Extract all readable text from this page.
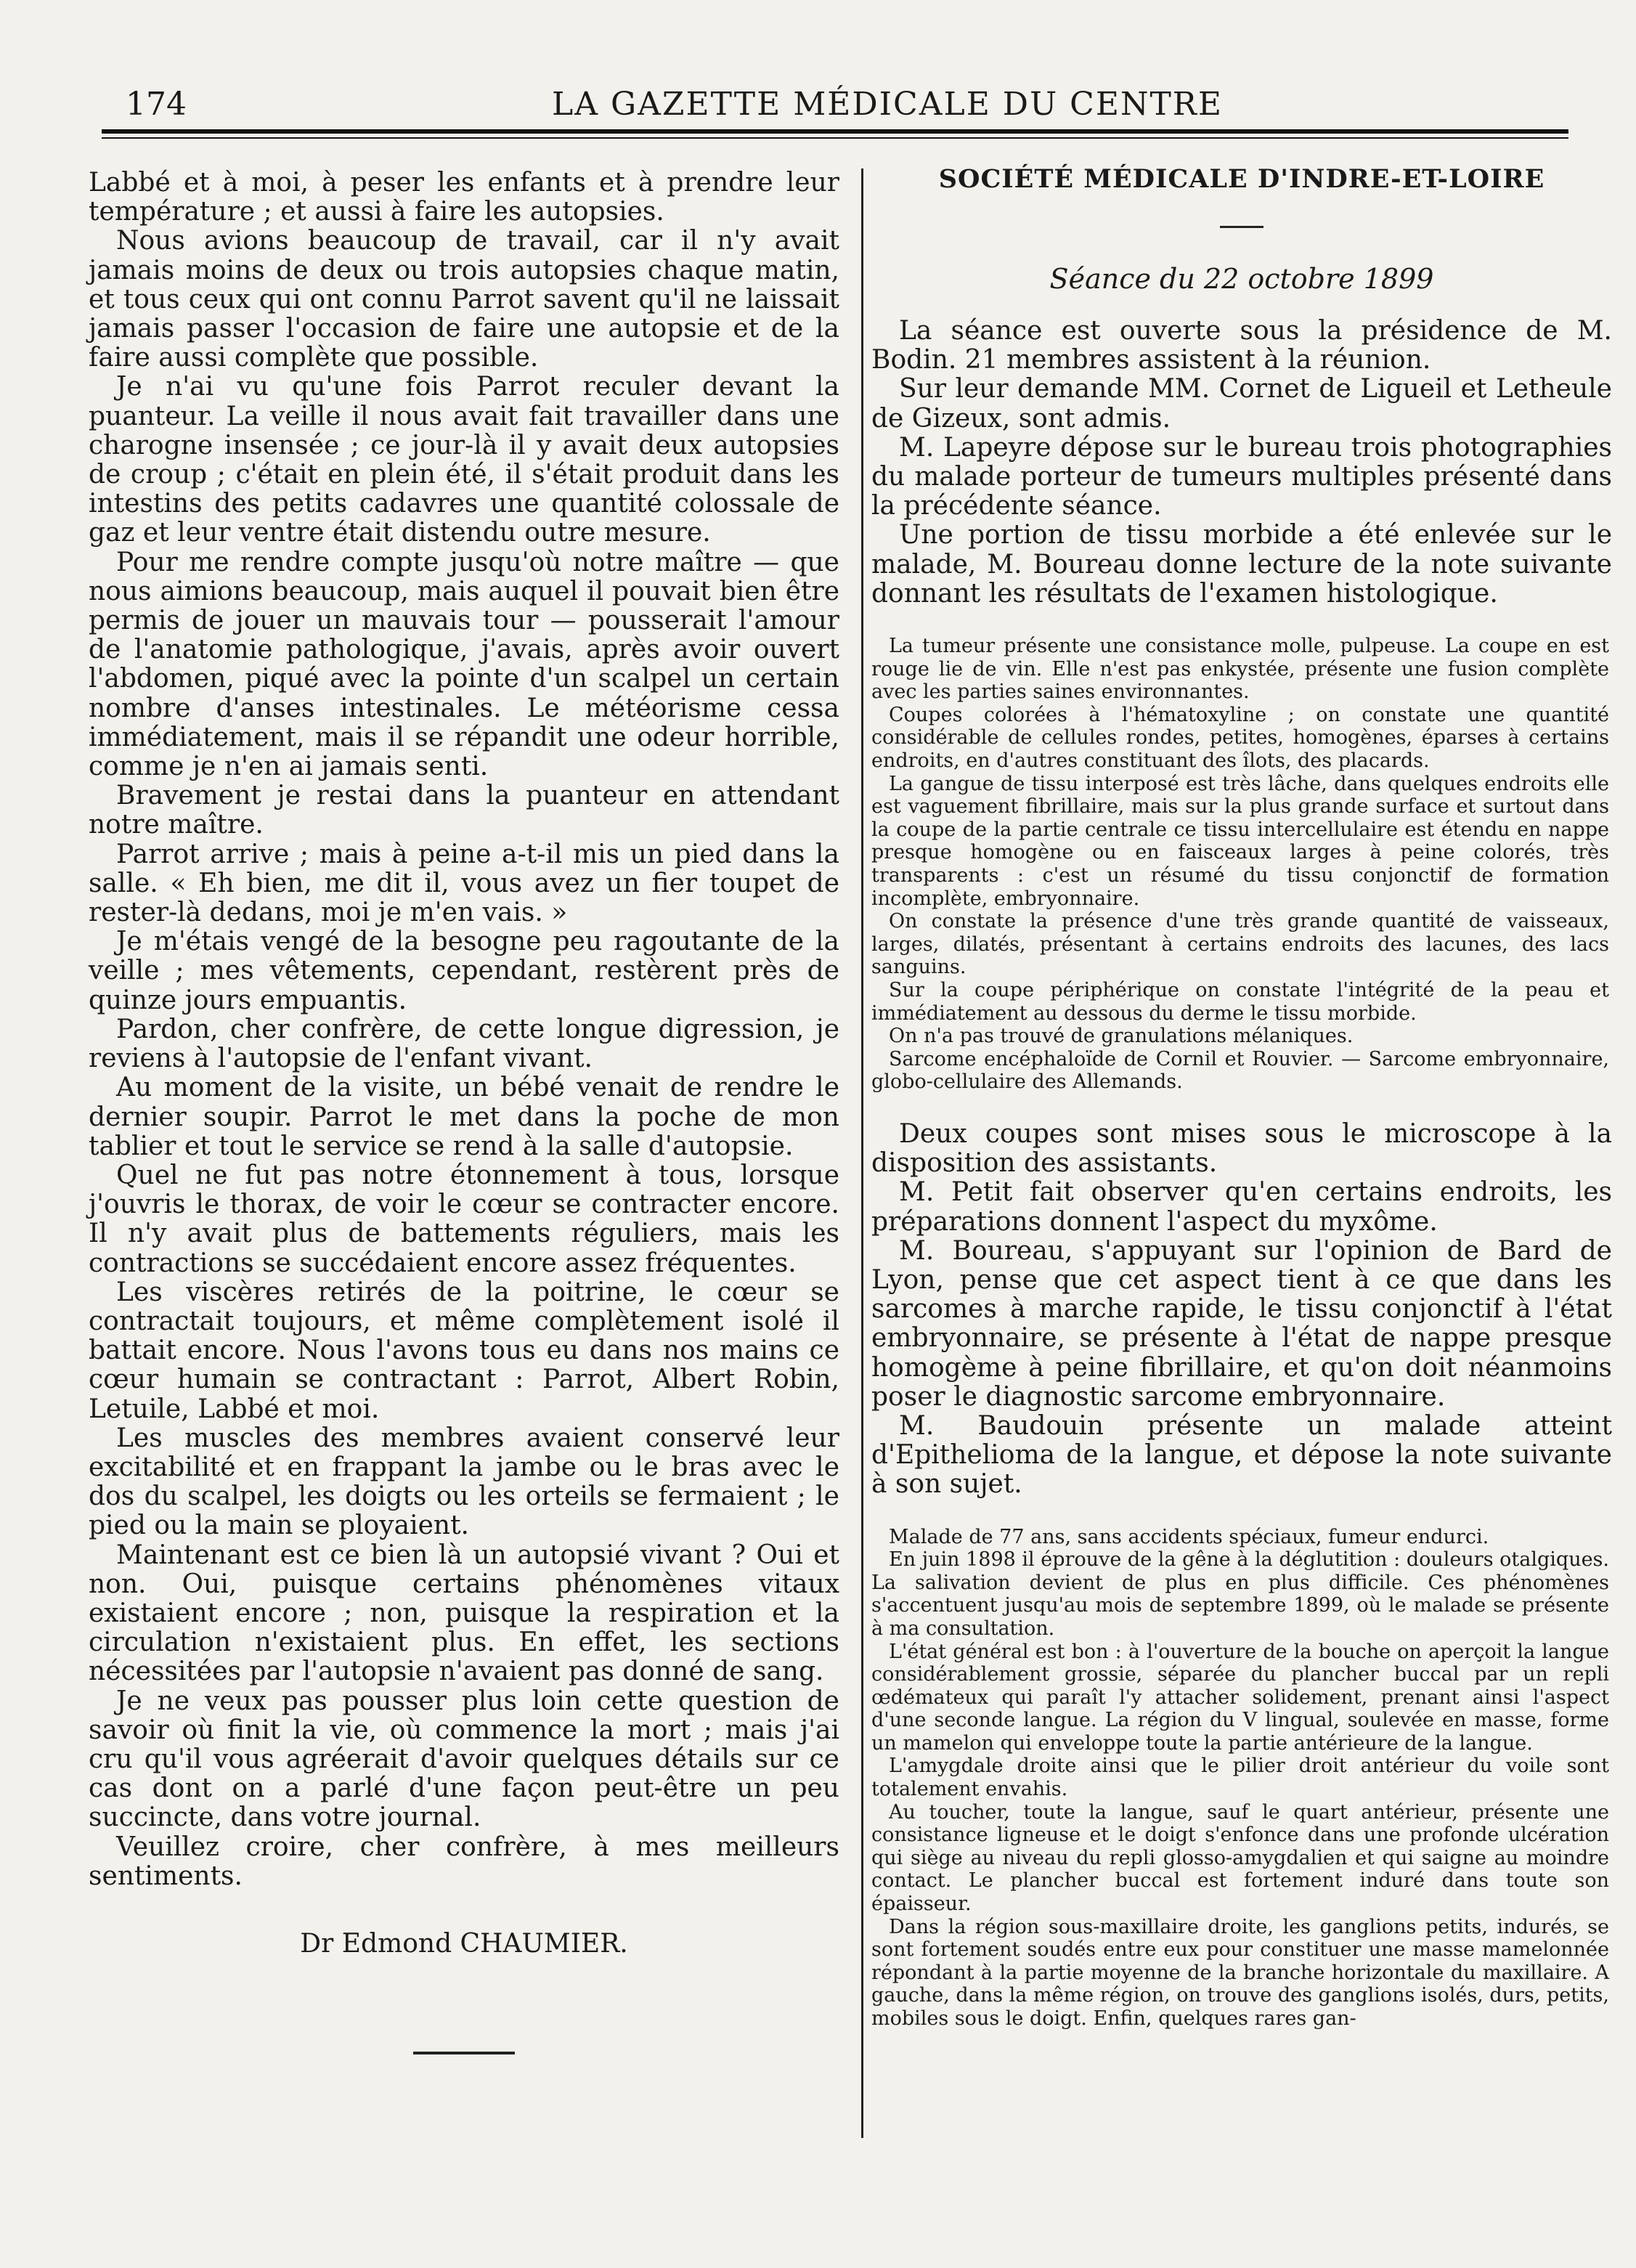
174	LA GAZETTE MÉDICALE DU CENTRE

Labbé et à moi, à peser les enfants et à prendre leur température ; et aussi à faire les autopsies.

Nous avions beaucoup de travail, car il n'y avait jamais moins de deux ou trois autopsies chaque matin, et tous ceux qui ont connu Parrot savent qu'il ne laissait jamais passer l'occasion de faire une autopsie et de la faire aussi complète que possible.

Je n'ai vu qu'une fois Parrot reculer devant la puanteur. La veille il nous avait fait travailler dans une charogne insensée ; ce jour-là il y avait deux autopsies de croup ; c'était en plein été, il s'était produit dans les intestins des petits cadavres une quantité colossale de gaz et leur ventre était distendu outre mesure.

Pour me rendre compte jusqu'où notre maître — que nous aimions beaucoup, mais auquel il pouvait bien être permis de jouer un mauvais tour — pousserait l'amour de l'anatomie pathologique, j'avais, après avoir ouvert l'abdomen, piqué avec la pointe d'un scalpel un certain nombre d'anses intestinales. Le météorisme cessa immédiatement, mais il se répandit une odeur horrible, comme je n'en ai jamais senti.

Bravement je restai dans la puanteur en attendant notre maître.

Parrot arrive ; mais à peine a-t-il mis un pied dans la salle. « Eh bien, me dit il, vous avez un fier toupet de rester-là dedans, moi je m'en vais. »

Je m'étais vengé de la besogne peu ragoutante de la veille ; mes vêtements, cependant, restèrent près de quinze jours empuantis.

Pardon, cher confrère, de cette longue digression, je reviens à l'autopsie de l'enfant vivant.

Au moment de la visite, un bébé venait de rendre le dernier soupir. Parrot le met dans la poche de mon tablier et tout le service se rend à la salle d'autopsie.

Quel ne fut pas notre étonnement à tous, lorsque j'ouvris le thorax, de voir le cœur se contracter encore. Il n'y avait plus de battements réguliers, mais les contractions se succédaient encore assez fréquentes.

Les viscères retirés de la poitrine, le cœur se contractait toujours, et même complètement isolé il battait encore. Nous l'avons tous eu dans nos mains ce cœur humain se contractant : Parrot, Albert Robin, Letuile, Labbé et moi.

Les muscles des membres avaient conservé leur excitabilité et en frappant la jambe ou le bras avec le dos du scalpel, les doigts ou les orteils se fermaient ; le pied ou la main se ployaient.

Maintenant est ce bien là un autopsié vivant ? Oui et non. Oui, puisque certains phénomènes vitaux existaient encore ; non, puisque la respiration et la circulation n'existaient plus. En effet, les sections nécessitées par l'autopsie n'avaient pas donné de sang.

Je ne veux pas pousser plus loin cette question de savoir où finit la vie, où commence la mort ; mais j'ai cru qu'il vous agréerait d'avoir quelques détails sur ce cas dont on a parlé d'une façon peut-être un peu succincte, dans votre journal.

Veuillez croire, cher confrère, à mes meilleurs sentiments.

Dr Edmond CHAUMIER.
SOCIÉTÉ MÉDICALE D'INDRE-ET-LOIRE
Séance du 22 octobre 1899

La séance est ouverte sous la présidence de M. Bodin. 21 membres assistent à la réunion.

Sur leur demande MM. Cornet de Ligueil et Letheule de Gizeux, sont admis.

M. Lapeyre dépose sur le bureau trois photographies du malade porteur de tumeurs multiples présenté dans la précédente séance.

Une portion de tissu morbide a été enlevée sur le malade, M. Boureau donne lecture de la note suivante donnant les résultats de l'examen histologique.

La tumeur présente une consistance molle, pulpeuse. La coupe en est rouge lie de vin. Elle n'est pas enkystée, présente une fusion complète avec les parties saines environnantes.

Coupes colorées à l'hématoxyline ; on constate une quantité considérable de cellules rondes, petites, homogènes, éparses à certains endroits, en d'autres constituant des îlots, des placards.

La gangue de tissu interposé est très lâche, dans quelques endroits elle est vaguement fibrillaire, mais sur la plus grande surface et surtout dans la coupe de la partie centrale ce tissu intercellulaire est étendu en nappe presque homogène ou en faisceaux larges à peine colorés, très transparents : c'est un résumé du tissu conjonctif de formation incomplète, embryonnaire.

On constate la présence d'une très grande quantité de vaisseaux, larges, dilatés, présentant à certains endroits des lacunes, des lacs sanguins.

Sur la coupe périphérique on constate l'intégrité de la peau et immédiatement au dessous du derme le tissu morbide.

On n'a pas trouvé de granulations mélaniques.

Sarcome encéphaloïde de Cornil et Rouvier. — Sarcome embryonnaire, globo-cellulaire des Allemands.

Deux coupes sont mises sous le microscope à la disposition des assistants.

M. Petit fait observer qu'en certains endroits, les préparations donnent l'aspect du myxôme.

M. Boureau, s'appuyant sur l'opinion de Bard de Lyon, pense que cet aspect tient à ce que dans les sarcomes à marche rapide, le tissu conjonctif à l'état embryonnaire, se présente à l'état de nappe presque homogème à peine fibrillaire, et qu'on doit néanmoins poser le diagnostic sarcome embryonnaire.

M. Baudouin présente un malade atteint d'Epithelioma de la langue, et dépose la note suivante à son sujet.

Malade de 77 ans, sans accidents spéciaux, fumeur endurci.

En juin 1898 il éprouve de la gêne à la déglutition : douleurs otalgiques. La salivation devient de plus en plus difficile. Ces phénomènes s'accentuent jusqu'au mois de septembre 1899, où le malade se présente à ma consultation.

L'état général est bon : à l'ouverture de la bouche on aperçoit la langue considérablement grossie, séparée du plancher buccal par un repli œdémateux qui paraît l'y attacher solidement, prenant ainsi l'aspect d'une seconde langue. La région du V lingual, soulevée en masse, forme un mamelon qui enveloppe toute la partie antérieure de la langue.

L'amygdale droite ainsi que le pilier droit antérieur du voile sont totalement envahis.

Au toucher, toute la langue, sauf le quart antérieur, présente une consistance ligneuse et le doigt s'enfonce dans une profonde ulcération qui siège au niveau du repli glosso-amygdalien et qui saigne au moindre contact. Le plancher buccal est fortement induré dans toute son épaisseur.

Dans la région sous-maxillaire droite, les ganglions petits, indurés, se sont fortement soudés entre eux pour constituer une masse mamelonnée répondant à la partie moyenne de la branche horizontale du maxillaire. A gauche, dans la même région, on trouve des ganglions isolés, durs, petits, mobiles sous le doigt. Enfin, quelques rares gan-
